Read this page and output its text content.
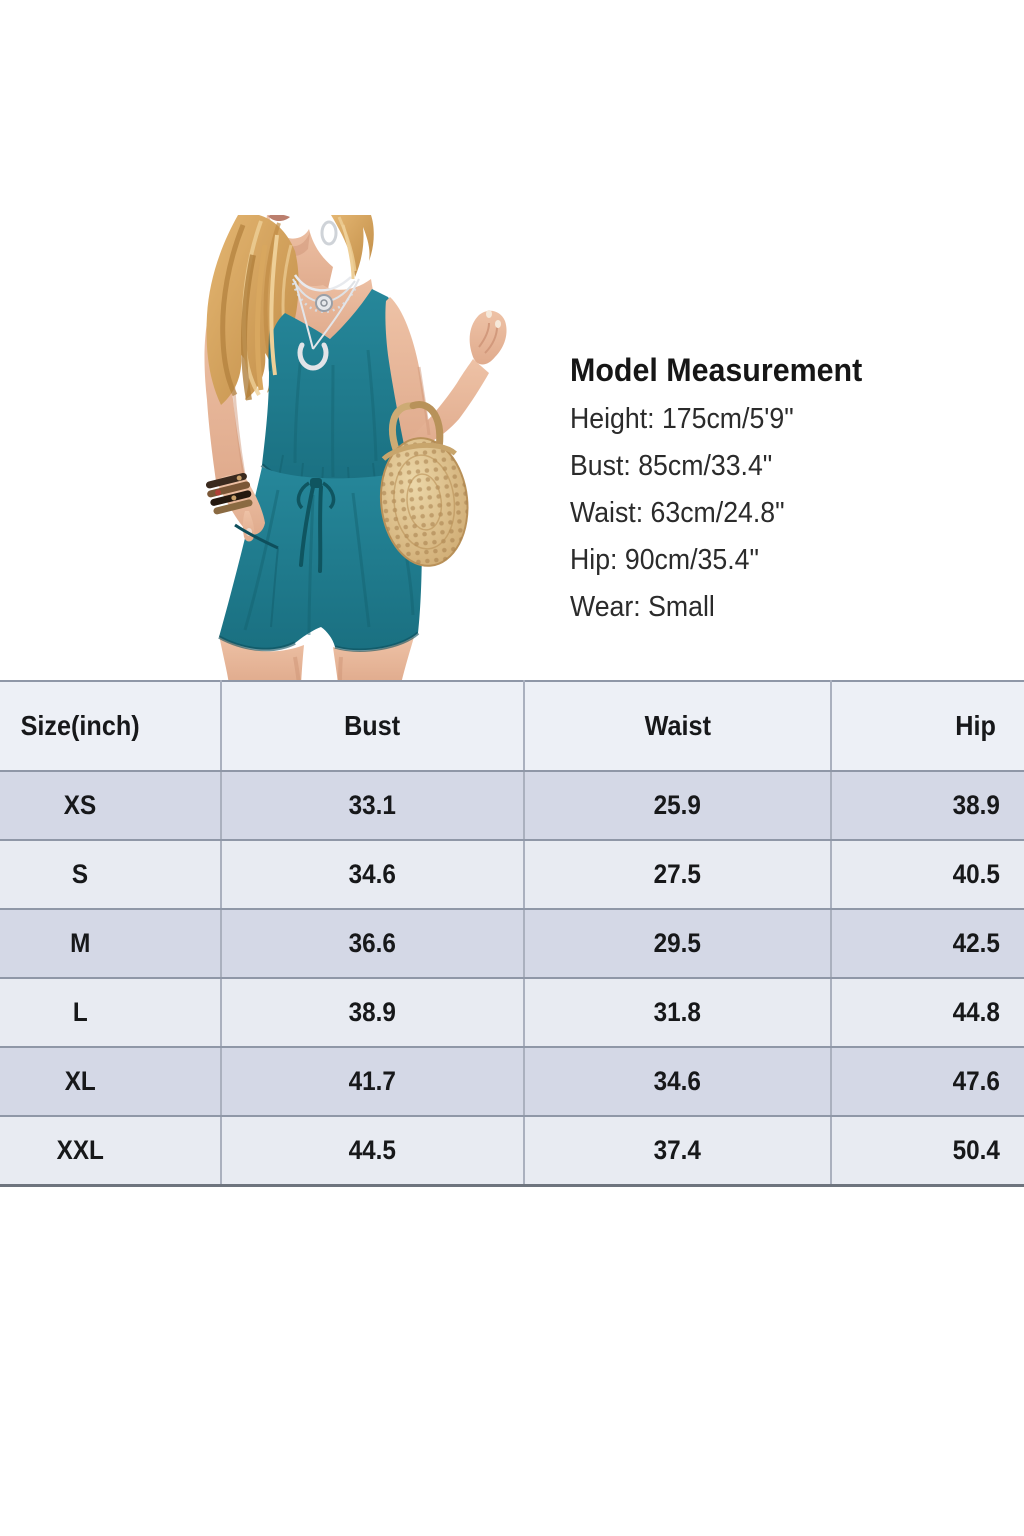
Model Measurement
Height: 175cm/5'9"
Bust: 85cm/33.4"
Waist: 63cm/24.8"
Hip: 90cm/35.4"
Wear: Small
Size(inch)	Bust	Waist	Hip
XS	33.1	25.9	38.9
S	34.6	27.5	40.5
M	36.6	29.5	42.5
L	38.9	31.8	44.8
XL	41.7	34.6	47.6
XXL	44.5	37.4	50.4
